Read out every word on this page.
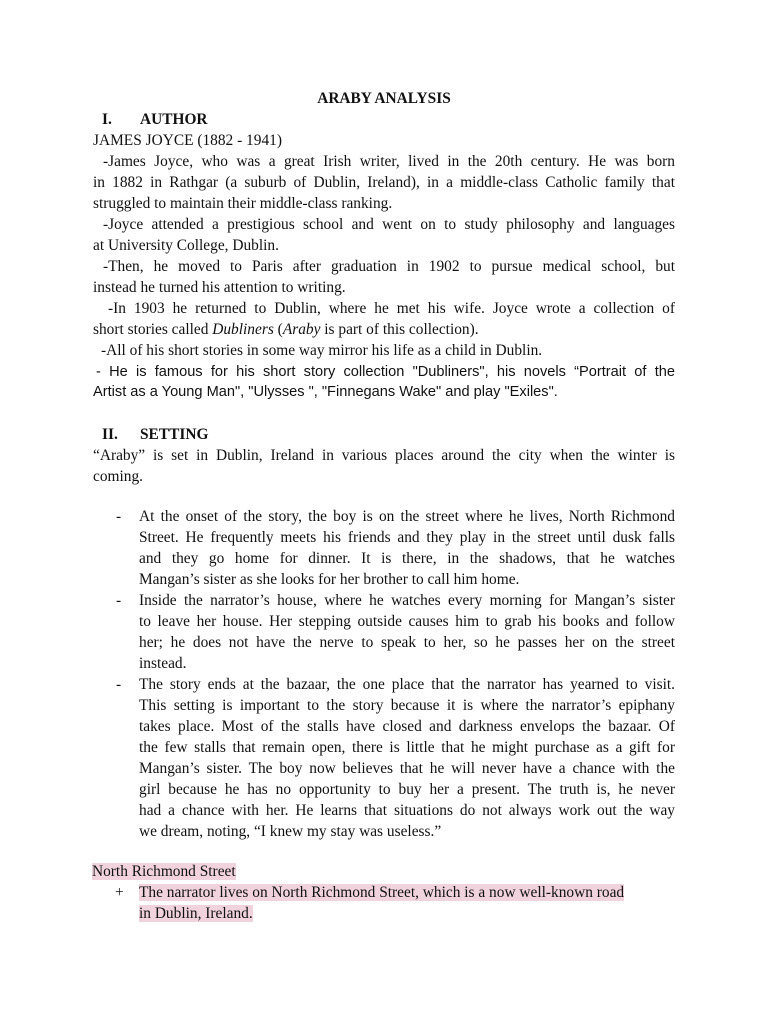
ARABY ANALYSIS
I. AUTHOR
JAMES JOYCE (1882 - 1941)
-James Joyce, who was a great Irish writer, lived in the 20th century. He was born
in 1882 in Rathgar (a suburb of Dublin, Ireland), in a middle-class Catholic family that
struggled to maintain their middle-class ranking.
-Joyce attended a prestigious school and went on to study philosophy and languages
at University College, Dublin.
-Then, he moved to Paris after graduation in 1902 to pursue medical school, but
instead he turned his attention to writing.
-In 1903 he returned to Dublin, where he met his wife. Joyce wrote a collection of
short stories called Dubliners (Araby is part of this collection).
-All of his short stories in some way mirror his life as a child in Dublin.
- He is famous for his short story collection "Dubliners", his novels “Portrait of the
Artist as a Young Man", "Ulysses ", "Finnegans Wake" and play "Exiles".
II. SETTING
“Araby” is set in Dublin, Ireland in various places around the city when the winter is
coming.
- At the onset of the story, the boy is on the street where he lives, North Richmond
Street. He frequently meets his friends and they play in the street until dusk falls
and they go home for dinner. It is there, in the shadows, that he watches
Mangan’s sister as she looks for her brother to call him home.
- Inside the narrator’s house, where he watches every morning for Mangan’s sister
to leave her house. Her stepping outside causes him to grab his books and follow
her; he does not have the nerve to speak to her, so he passes her on the street
instead.
- The story ends at the bazaar, the one place that the narrator has yearned to visit.
This setting is important to the story because it is where the narrator’s epiphany
takes place. Most of the stalls have closed and darkness envelops the bazaar. Of
the few stalls that remain open, there is little that he might purchase as a gift for
Mangan’s sister. The boy now believes that he will never have a chance with the
girl because he has no opportunity to buy her a present. The truth is, he never
had a chance with her. He learns that situations do not always work out the way
we dream, noting, “I knew my stay was useless.”
North Richmond Street
+ The narrator lives on North Richmond Street, which is a now well-known road
in Dublin, Ireland.
